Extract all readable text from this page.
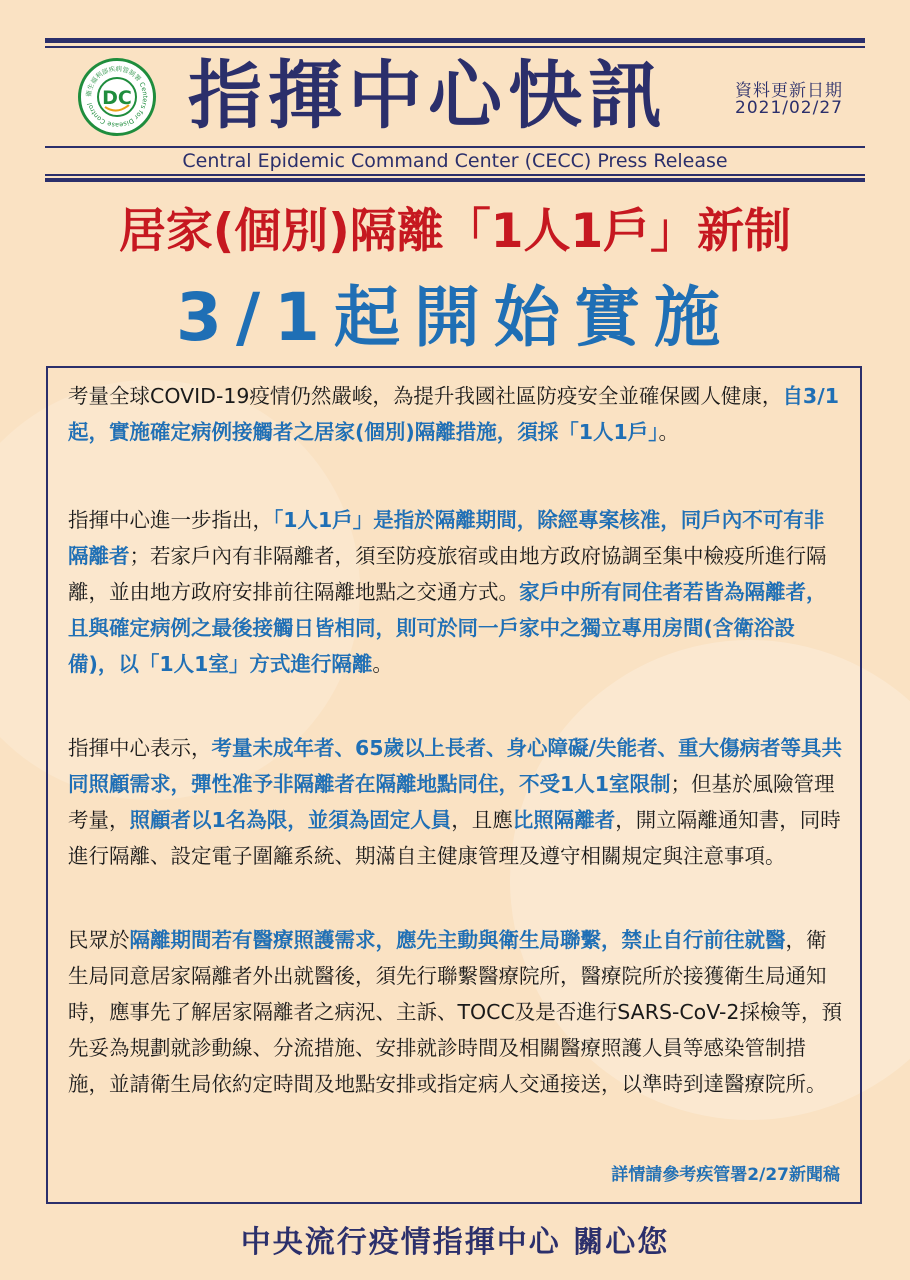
衛生福利部疾病管制署 Centers for Disease Control DC 指揮中心快訊	資料更新日期
2021/02/27
Central Epidemic Command Center (CECC) Press Release
居家(個別)隔離「1人1戶」新制
3/1起開始實施

考量全球COVID-19疫情仍然嚴峻，為提升我國社區防疫安全並確保國人健康，自3/1起，實施確定病例接觸者之居家(個別)隔離措施，須採「1人1戶」。

指揮中心進一步指出，「1人1戶」是指於隔離期間，除經專案核准，同戶內不可有非隔離者；若家戶內有非隔離者，須至防疫旅宿或由地方政府協調至集中檢疫所進行隔離，並由地方政府安排前往隔離地點之交通方式。家戶中所有同住者若皆為隔離者，且與確定病例之最後接觸日皆相同，則可於同一戶家中之獨立專用房間(含衛浴設備)，以「1人1室」方式進行隔離。

指揮中心表示，考量未成年者、65歲以上長者、身心障礙/失能者、重大傷病者等具共同照顧需求，彈性准予非隔離者在隔離地點同住，不受1人1室限制；但基於風險管理考量，照顧者以1名為限，並須為固定人員，且應比照隔離者，開立隔離通知書，同時進行隔離、設定電子圍籬系統、期滿自主健康管理及遵守相關規定與注意事項。

民眾於隔離期間若有醫療照護需求，應先主動與衛生局聯繫，禁止自行前往就醫，衛生局同意居家隔離者外出就醫後，須先行聯繫醫療院所，醫療院所於接獲衛生局通知時，應事先了解居家隔離者之病況、主訴、TOCC及是否進行SARS-CoV-2採檢等，預先妥為規劃就診動線、分流措施、安排就診時間及相關醫療照護人員等感染管制措施，並請衛生局依約定時間及地點安排或指定病人交通接送，以準時到達醫療院所。

詳情請參考疾管署2/27新聞稿
中央流行疫情指揮中心 關心您
